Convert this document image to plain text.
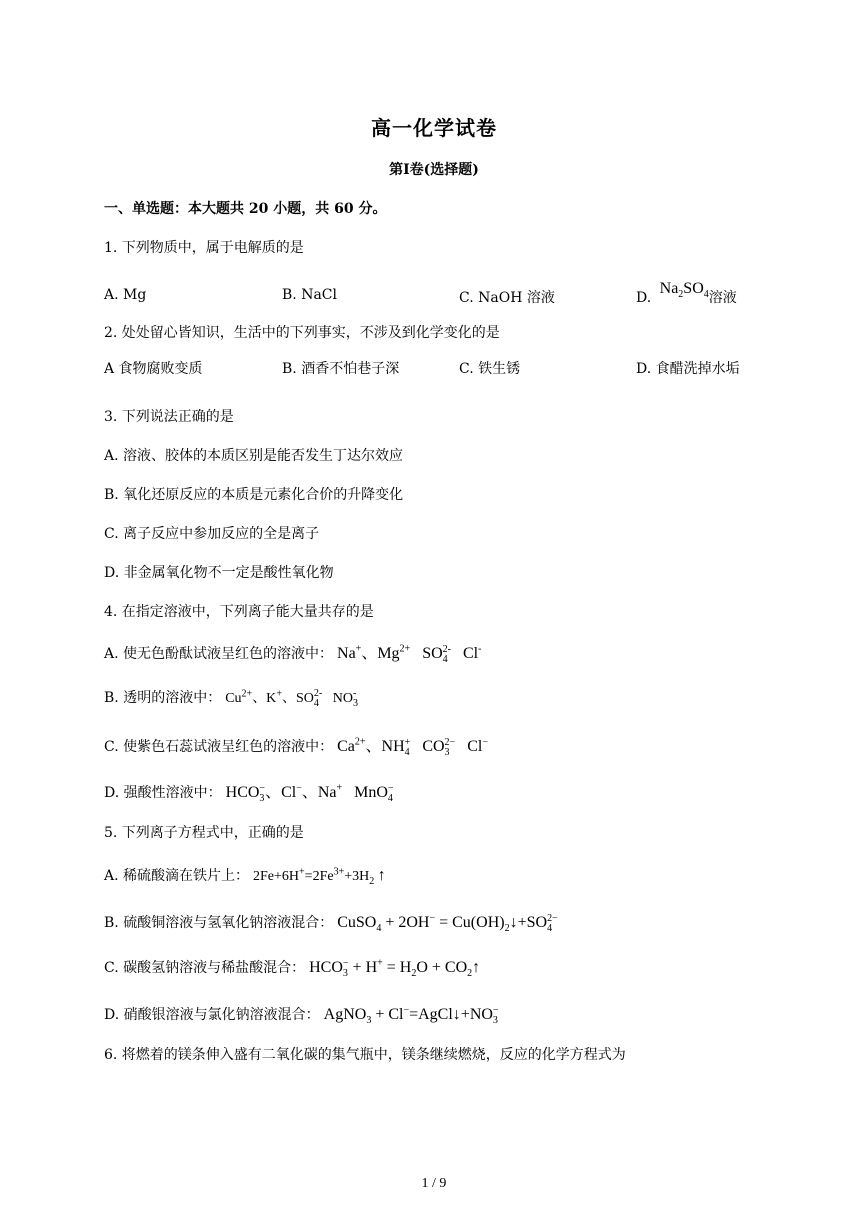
高一化学试卷
第I卷(选择题)
一、单选题：本大题共 20 小题，共 60 分。
1. 下列物质中，属于电解质的是
A. Mg	B. NaCl	C. NaOH 溶液	D. $Na_2SO_4$溶液
2. 处处留心皆知识，生活中的下列事实，不涉及到化学变化的是
A 食物腐败变质	B. 酒香不怕巷子深	C. 铁生锈	D. 食醋洗掉水垢
3. 下列说法正确的是
A. 溶液、胶体的本质区别是能否发生丁达尔效应
B. 氧化还原反应的本质是元素化合价的升降变化
C. 离子反应中参加反应的全是离子
D. 非金属氧化物不一定是酸性氧化物
4. 在指定溶液中，下列离子能大量共存的是
A. 使无色酚酞试液呈红色的溶液中： Na+、$Mg^{2+}$   $SO_4^{2-}$   Cl-
B. 透明的溶液中： $Cu^{2+}$、K+、$SO_4^{2-}$   $NO_3^-$
C. 使紫色石蕊试液呈红色的溶液中： $Ca^{2+}$、$NH_4^+$   $CO_3^{2-}$   Cl−
D. 强酸性溶液中： $HCO_3^-$、Cl−、Na+   MnO$_4$−
5. 下列离子方程式中，正确的是
A. 稀硫酸滴在铁片上： $2Fe+6H^+=2Fe^{3+}+3H_2$ ↑
B. 硫酸铜溶液与氢氧化钠溶液混合： CuSO$_4$ + $2OH^- = Cu(OH)_2↓+SO_4^{2-}$
C. 碳酸氢钠溶液与稀盐酸混合： $HCO_3^- + H^+ = H_2O$ + $CO_2↑$
D. 硝酸银溶液与氯化钠溶液混合： AgNO$_3$ + $Cl^-=AgCl↓+NO_3^-$
6. 将燃着的镁条伸入盛有二氧化碳的集气瓶中，镁条继续燃烧，反应的化学方程式为
1 / 9
